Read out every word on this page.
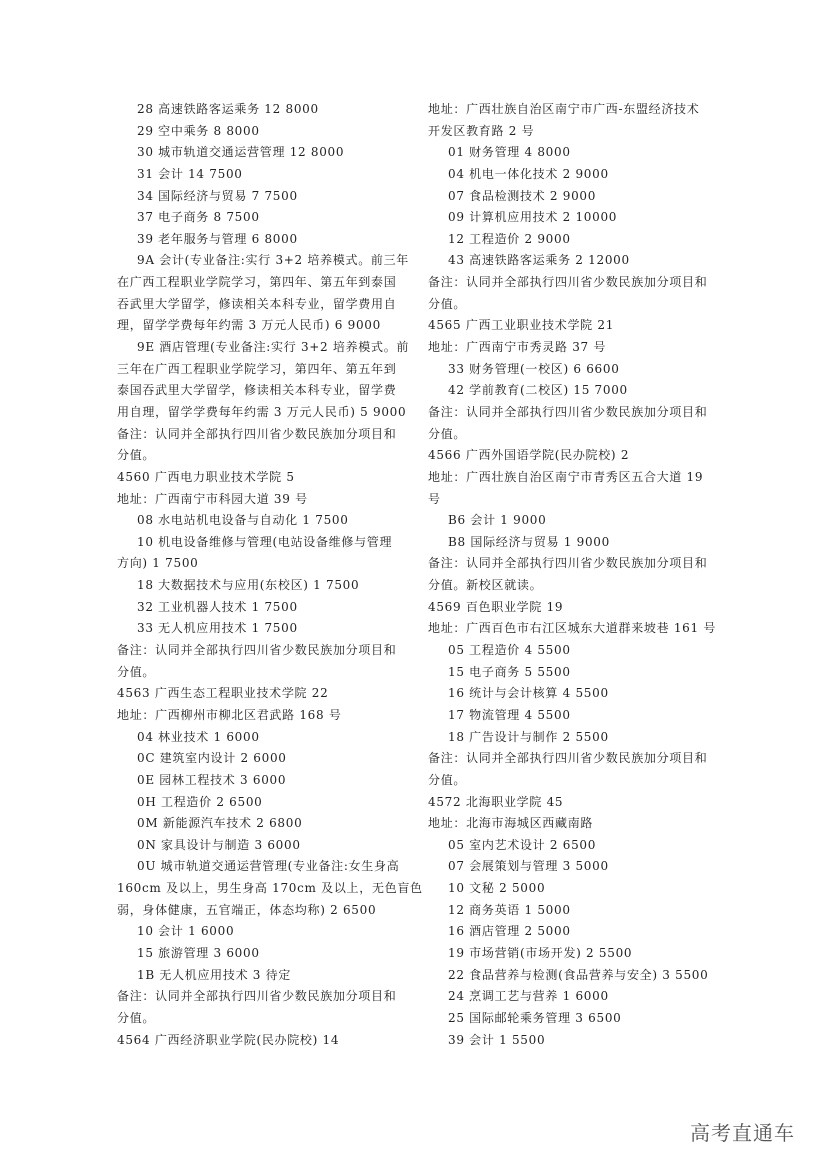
28 高速铁路客运乘务 12 8000
29 空中乘务 8 8000
30 城市轨道交通运营管理 12 8000
31 会计 14 7500
34 国际经济与贸易 7 7500
37 电子商务 8 7500
39 老年服务与管理 6 8000
9A 会计(专业备注:实行 3+2 培养模式。前三年
在广西工程职业学院学习，第四年、第五年到泰国
吞武里大学留学，修读相关本科专业，留学费用自
理，留学学费每年约需 3 万元人民币) 6 9000
9E 酒店管理(专业备注:实行 3+2 培养模式。前
三年在广西工程职业学院学习，第四年、第五年到
泰国吞武里大学留学，修读相关本科专业，留学费
用自理，留学学费每年约需 3 万元人民币) 5 9000
备注：认同并全部执行四川省少数民族加分项目和
分值。
4560 广西电力职业技术学院 5
地址：广西南宁市科园大道 39 号
08 水电站机电设备与自动化 1 7500
10 机电设备维修与管理(电站设备维修与管理
方向) 1 7500
18 大数据技术与应用(东校区) 1 7500
32 工业机器人技术 1 7500
33 无人机应用技术 1 7500
备注：认同并全部执行四川省少数民族加分项目和
分值。
4563 广西生态工程职业技术学院 22
地址：广西柳州市柳北区君武路 168 号
04 林业技术 1 6000
0C 建筑室内设计 2 6000
0E 园林工程技术 3 6000
0H 工程造价 2 6500
0M 新能源汽车技术 2 6800
0N 家具设计与制造 3 6000
0U 城市轨道交通运营管理(专业备注:女生身高
160cm 及以上，男生身高 170cm 及以上，无色盲色
弱，身体健康，五官端正，体态均称) 2 6500
10 会计 1 6000
15 旅游管理 3 6000
1B 无人机应用技术 3 待定
备注：认同并全部执行四川省少数民族加分项目和
分值。
4564 广西经济职业学院(民办院校) 14
地址：广西壮族自治区南宁市广西-东盟经济技术
开发区教育路 2 号
01 财务管理 4 8000
04 机电一体化技术 2 9000
07 食品检测技术 2 9000
09 计算机应用技术 2 10000
12 工程造价 2 9000
43 高速铁路客运乘务 2 12000
备注：认同并全部执行四川省少数民族加分项目和
分值。
4565 广西工业职业技术学院 21
地址：广西南宁市秀灵路 37 号
33 财务管理(一校区) 6 6600
42 学前教育(二校区) 15 7000
备注：认同并全部执行四川省少数民族加分项目和
分值。
4566 广西外国语学院(民办院校) 2
地址：广西壮族自治区南宁市青秀区五合大道 19
号
B6 会计 1 9000
B8 国际经济与贸易 1 9000
备注：认同并全部执行四川省少数民族加分项目和
分值。新校区就读。
4569 百色职业学院 19
地址：广西百色市右江区城东大道群来坡巷 161 号
05 工程造价 4 5500
15 电子商务 5 5500
16 统计与会计核算 4 5500
17 物流管理 4 5500
18 广告设计与制作 2 5500
备注：认同并全部执行四川省少数民族加分项目和
分值。
4572 北海职业学院 45
地址：北海市海城区西藏南路
05 室内艺术设计 2 6500
07 会展策划与管理 3 5000
10 文秘 2 5000
12 商务英语 1 5000
16 酒店管理 2 5000
19 市场营销(市场开发) 2 5500
22 食品营养与检测(食品营养与安全) 3 5500
24 烹调工艺与营养 1 6000
25 国际邮轮乘务管理 3 6500
39 会计 1 5500
高考直通车
